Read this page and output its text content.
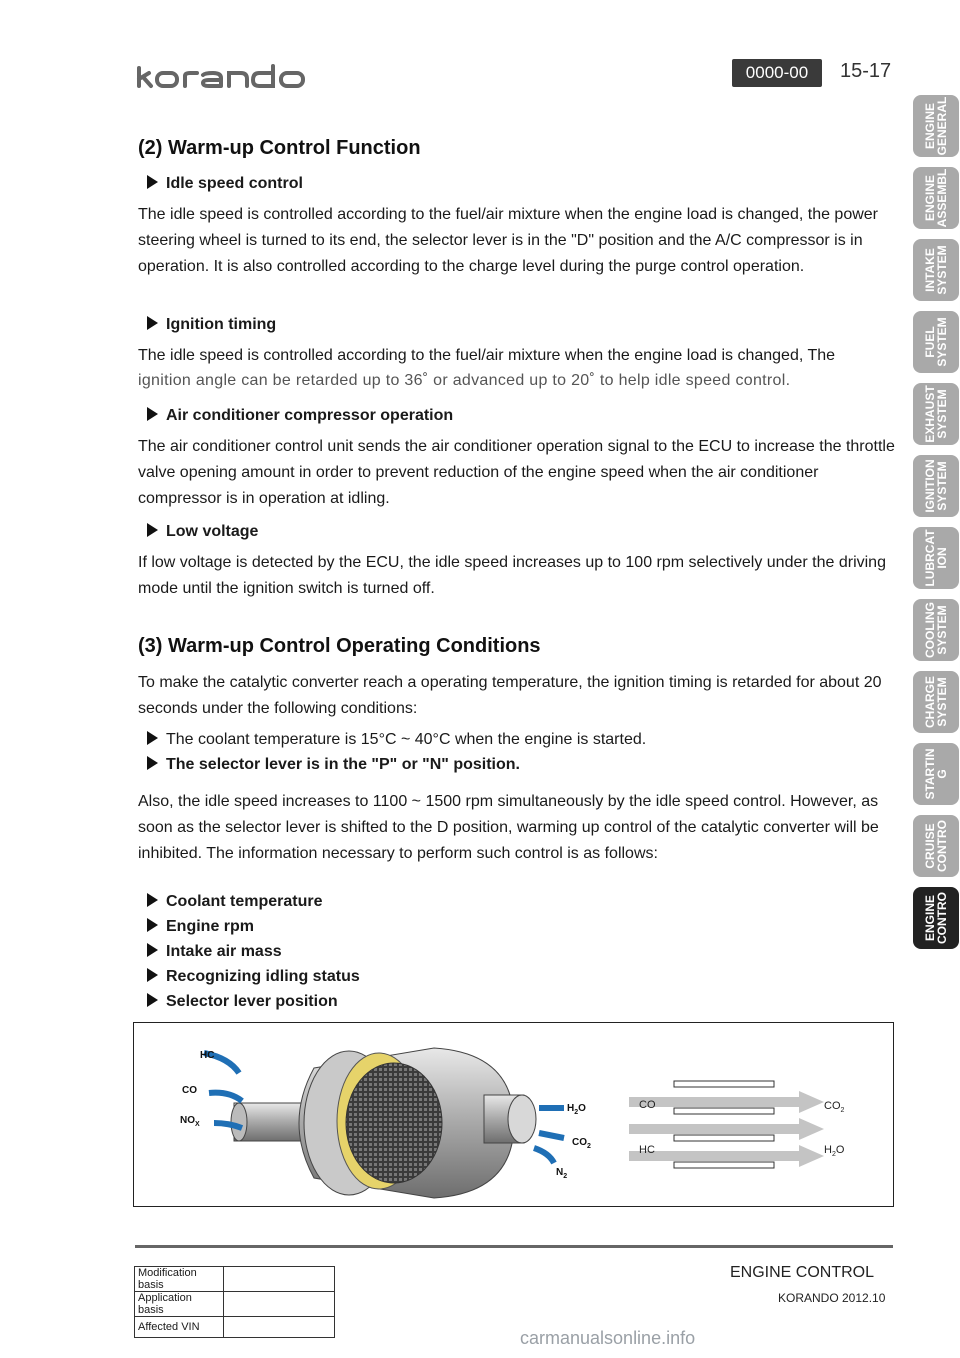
0000-00	15-17
(2) Warm-up Control Function
Idle speed control
The idle speed is controlled according to the fuel/air mixture when the engine load is changed, the power steering wheel is turned to its end, the selector lever is in the "D" position and the A/C compressor is in operation. It is also controlled according to the charge level during the purge control operation.
Ignition timing
The idle speed is controlled according to the fuel/air mixture when the engine load is changed, The
ignition angle can be retarded up to 36˚ or advanced up to 20˚ to help idle speed control.
Air conditioner compressor operation
The air conditioner control unit sends the air conditioner operation signal to the ECU to increase the throttle valve opening amount in order to prevent reduction of the engine speed when the air conditioner compressor is in operation at idling.
Low voltage
If low voltage is detected by the ECU, the idle speed increases up to 100 rpm selectively under the driving mode until the ignition switch is turned off.
(3) Warm-up Control Operating Conditions
To make the catalytic converter reach a operating temperature, the ignition timing is retarded for about 20 seconds under the following conditions:
The coolant temperature is 15°C ~ 40°C when the engine is started.
The selector lever is in the "P" or "N" position.
Also, the idle speed increases to 1100 ~ 1500 rpm simultaneously by the idle speed control. However, as soon as the selector lever is shifted to the D position, warming up control of the catalytic converter will be inhibited. The information necessary to perform such control is as follows:
Coolant temperature
Engine rpm
Intake air mass
Recognizing idling status
Selector lever position
HC
CO
$NO_X$
$H_2O$
$CO_2$
$N_2$
CO
HC
$CO_2$
$H_2O$
ENGINE
GENERAL
ENGINE
ASSEMBL
INTAKE
SYSTEM
FUEL
SYSTEM
EXHAUST
SYSTEM
IGNITION
SYSTEM
LUBRCAT
ION
COOLING
SYSTEM
CHARGE
SYSTEM
STARTIN
G
CRUISE
CONTRO
ENGINE
CONTRO
Modification basis	
Application basis	
Affected VIN	
ENGINE CONTROL
KORANDO 2012.10
carmanualsonline.info
